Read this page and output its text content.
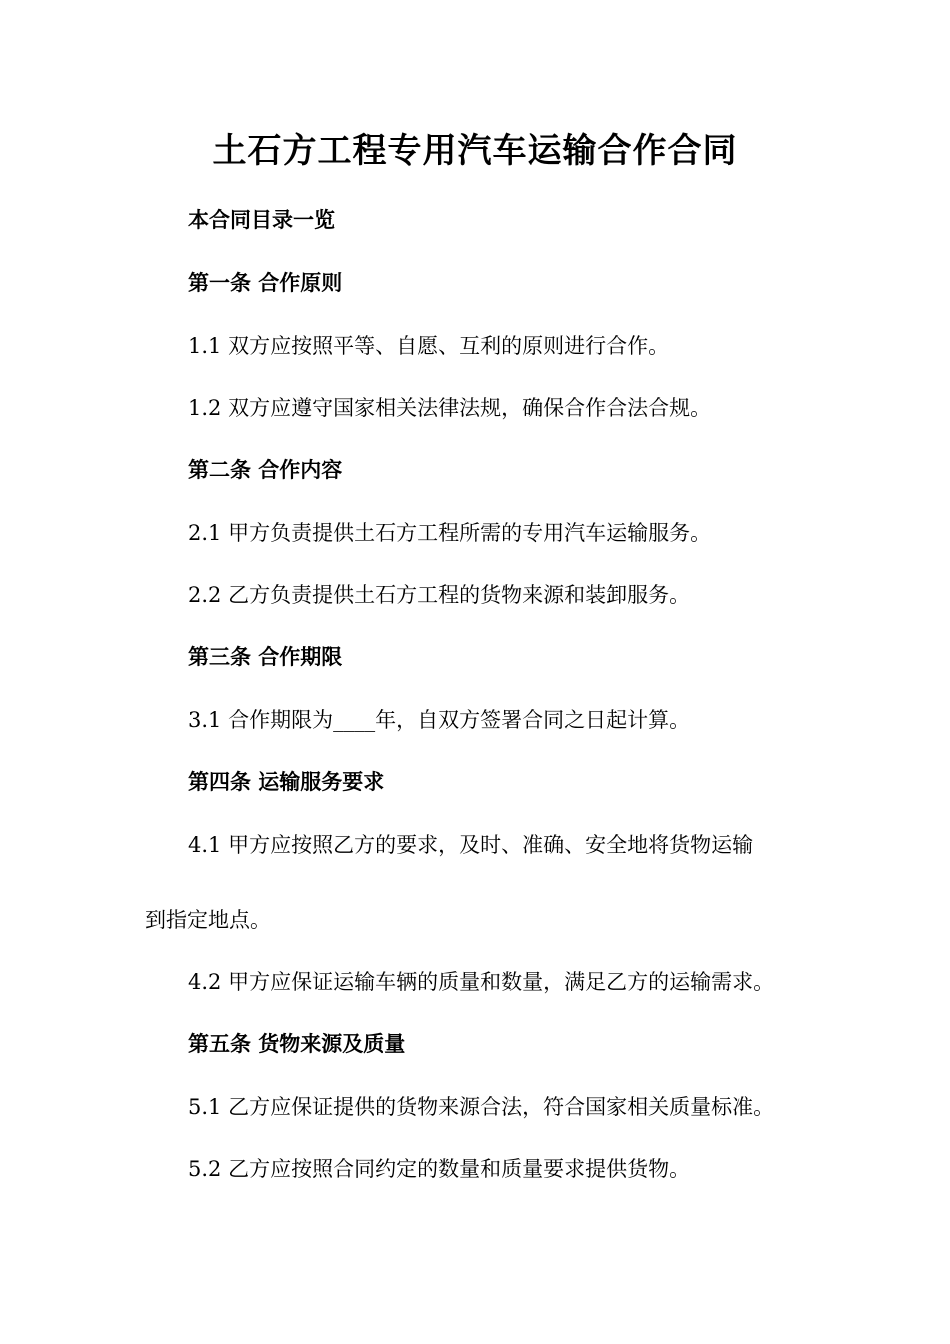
土石方工程专用汽车运输合作合同
本合同目录一览
第一条 合作原则
1.1 双方应按照平等、自愿、互利的原则进行合作。
1.2 双方应遵守国家相关法律法规，确保合作合法合规。
第二条 合作内容
2.1 甲方负责提供土石方工程所需的专用汽车运输服务。
2.2 乙方负责提供土石方工程的货物来源和装卸服务。
第三条 合作期限
3.1 合作期限为____年，自双方签署合同之日起计算。
第四条 运输服务要求
4.1 甲方应按照乙方的要求，及时、准确、安全地将货物运输
到指定地点。
4.2 甲方应保证运输车辆的质量和数量，满足乙方的运输需求。
第五条 货物来源及质量
5.1 乙方应保证提供的货物来源合法，符合国家相关质量标准。
5.2 乙方应按照合同约定的数量和质量要求提供货物。
